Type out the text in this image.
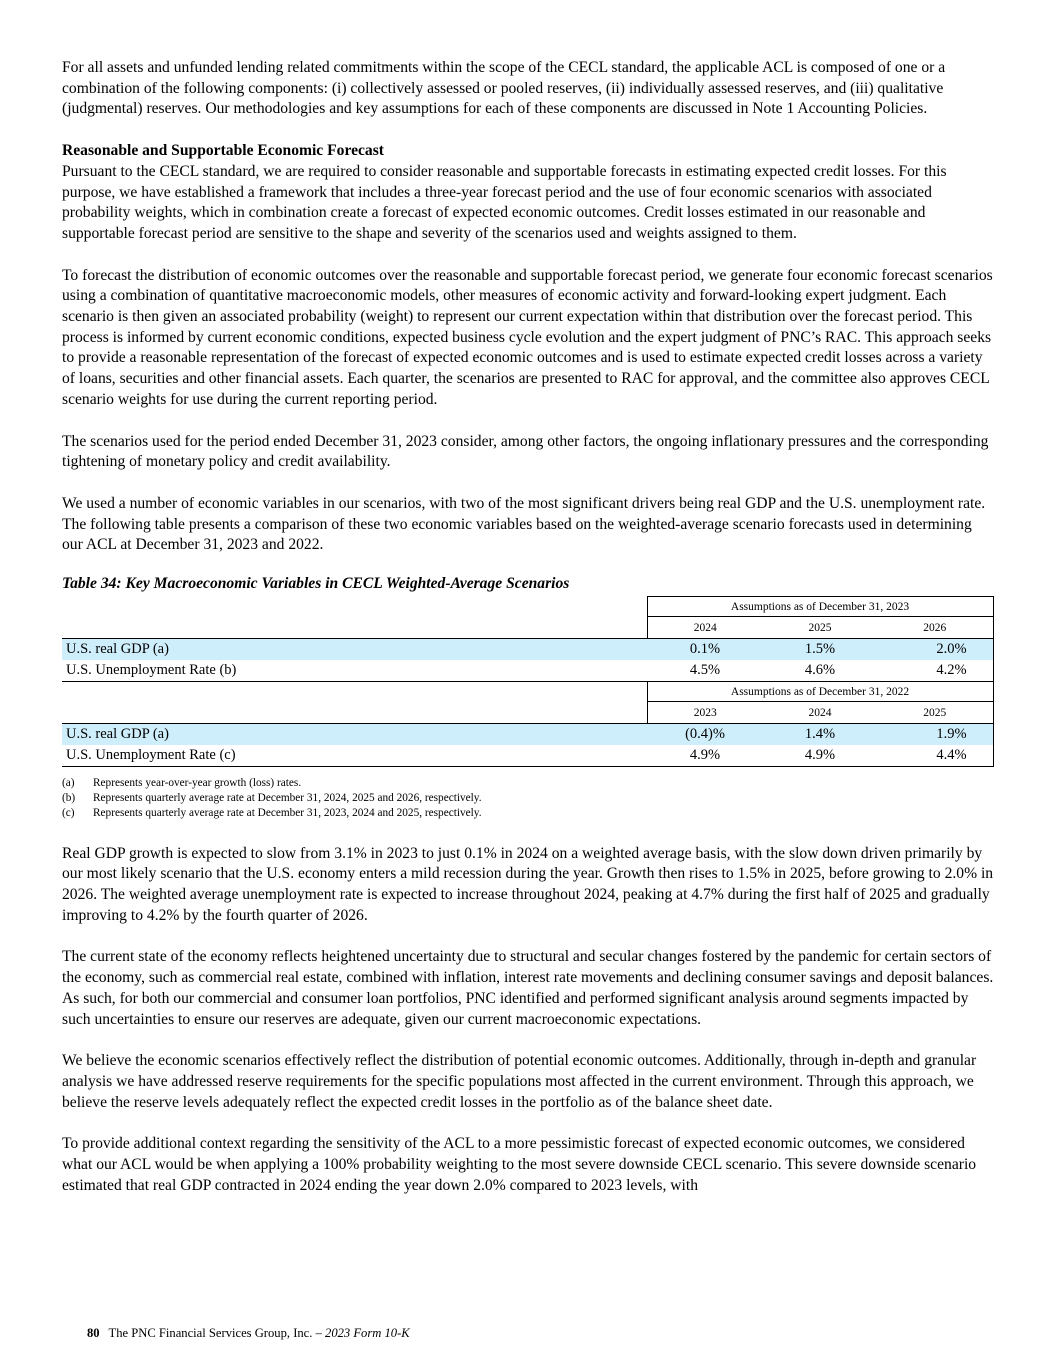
For all assets and unfunded lending related commitments within the scope of the CECL standard, the applicable ACL is composed of one or a combination of the following components: (i) collectively assessed or pooled reserves, (ii) individually assessed reserves, and (iii) qualitative (judgmental) reserves. Our methodologies and key assumptions for each of these components are discussed in Note 1 Accounting Policies.

Reasonable and Supportable Economic Forecast

Pursuant to the CECL standard, we are required to consider reasonable and supportable forecasts in estimating expected credit losses. For this purpose, we have established a framework that includes a three-year forecast period and the use of four economic scenarios with associated probability weights, which in combination create a forecast of expected economic outcomes. Credit losses estimated in our reasonable and supportable forecast period are sensitive to the shape and severity of the scenarios used and weights assigned to them.

To forecast the distribution of economic outcomes over the reasonable and supportable forecast period, we generate four economic forecast scenarios using a combination of quantitative macroeconomic models, other measures of economic activity and forward-looking expert judgment. Each scenario is then given an associated probability (weight) to represent our current expectation within that distribution over the forecast period. This process is informed by current economic conditions, expected business cycle evolution and the expert judgment of PNC’s RAC. This approach seeks to provide a reasonable representation of the forecast of expected economic outcomes and is used to estimate expected credit losses across a variety of loans, securities and other financial assets. Each quarter, the scenarios are presented to RAC for approval, and the committee also approves CECL scenario weights for use during the current reporting period.

The scenarios used for the period ended December 31, 2023 consider, among other factors, the ongoing inflationary pressures and the corresponding tightening of monetary policy and credit availability.

We used a number of economic variables in our scenarios, with two of the most significant drivers being real GDP and the U.S. unemployment rate. The following table presents a comparison of these two economic variables based on the weighted-average scenario forecasts used in determining our ACL at December 31, 2023 and 2022.

Table 34: Key Macroeconomic Variables in CECL Weighted-Average Scenarios
	Assumptions as of December 31, 2023		
	2024	2025	2026
U.S. real GDP (a)	0.1%	1.5%	2.0%
U.S. Unemployment Rate (b)	4.5%	4.6%	4.2%
	Assumptions as of December 31, 2022		
	2023	2024	2025
U.S. real GDP (a)	(0.4)%	1.4%	1.9%
U.S. Unemployment Rate (c)	4.9%	4.9%	4.4%
(a)	Represents year-over-year growth (loss) rates.
(b)	Represents quarterly average rate at December 31, 2024, 2025 and 2026, respectively.
(c)	Represents quarterly average rate at December 31, 2023, 2024 and 2025, respectively.

Real GDP growth is expected to slow from 3.1% in 2023 to just 0.1% in 2024 on a weighted average basis, with the slow down driven primarily by our most likely scenario that the U.S. economy enters a mild recession during the year. Growth then rises to 1.5% in 2025, before growing to 2.0% in 2026. The weighted average unemployment rate is expected to increase throughout 2024, peaking at 4.7% during the first half of 2025 and gradually improving to 4.2% by the fourth quarter of 2026.

The current state of the economy reflects heightened uncertainty due to structural and secular changes fostered by the pandemic for certain sectors of the economy, such as commercial real estate, combined with inflation, interest rate movements and declining consumer savings and deposit balances. As such, for both our commercial and consumer loan portfolios, PNC identified and performed significant analysis around segments impacted by such uncertainties to ensure our reserves are adequate, given our current macroeconomic expectations.

We believe the economic scenarios effectively reflect the distribution of potential economic outcomes. Additionally, through in-depth and granular analysis we have addressed reserve requirements for the specific populations most affected in the current environment. Through this approach, we believe the reserve levels adequately reflect the expected credit losses in the portfolio as of the balance sheet date.

To provide additional context regarding the sensitivity of the ACL to a more pessimistic forecast of expected economic outcomes, we considered what our ACL would be when applying a 100% probability weighting to the most severe downside CECL scenario. This severe downside scenario estimated that real GDP contracted in 2024 ending the year down 2.0% compared to 2023 levels, with

80 The PNC Financial Services Group, Inc. – 2023 Form 10-K
